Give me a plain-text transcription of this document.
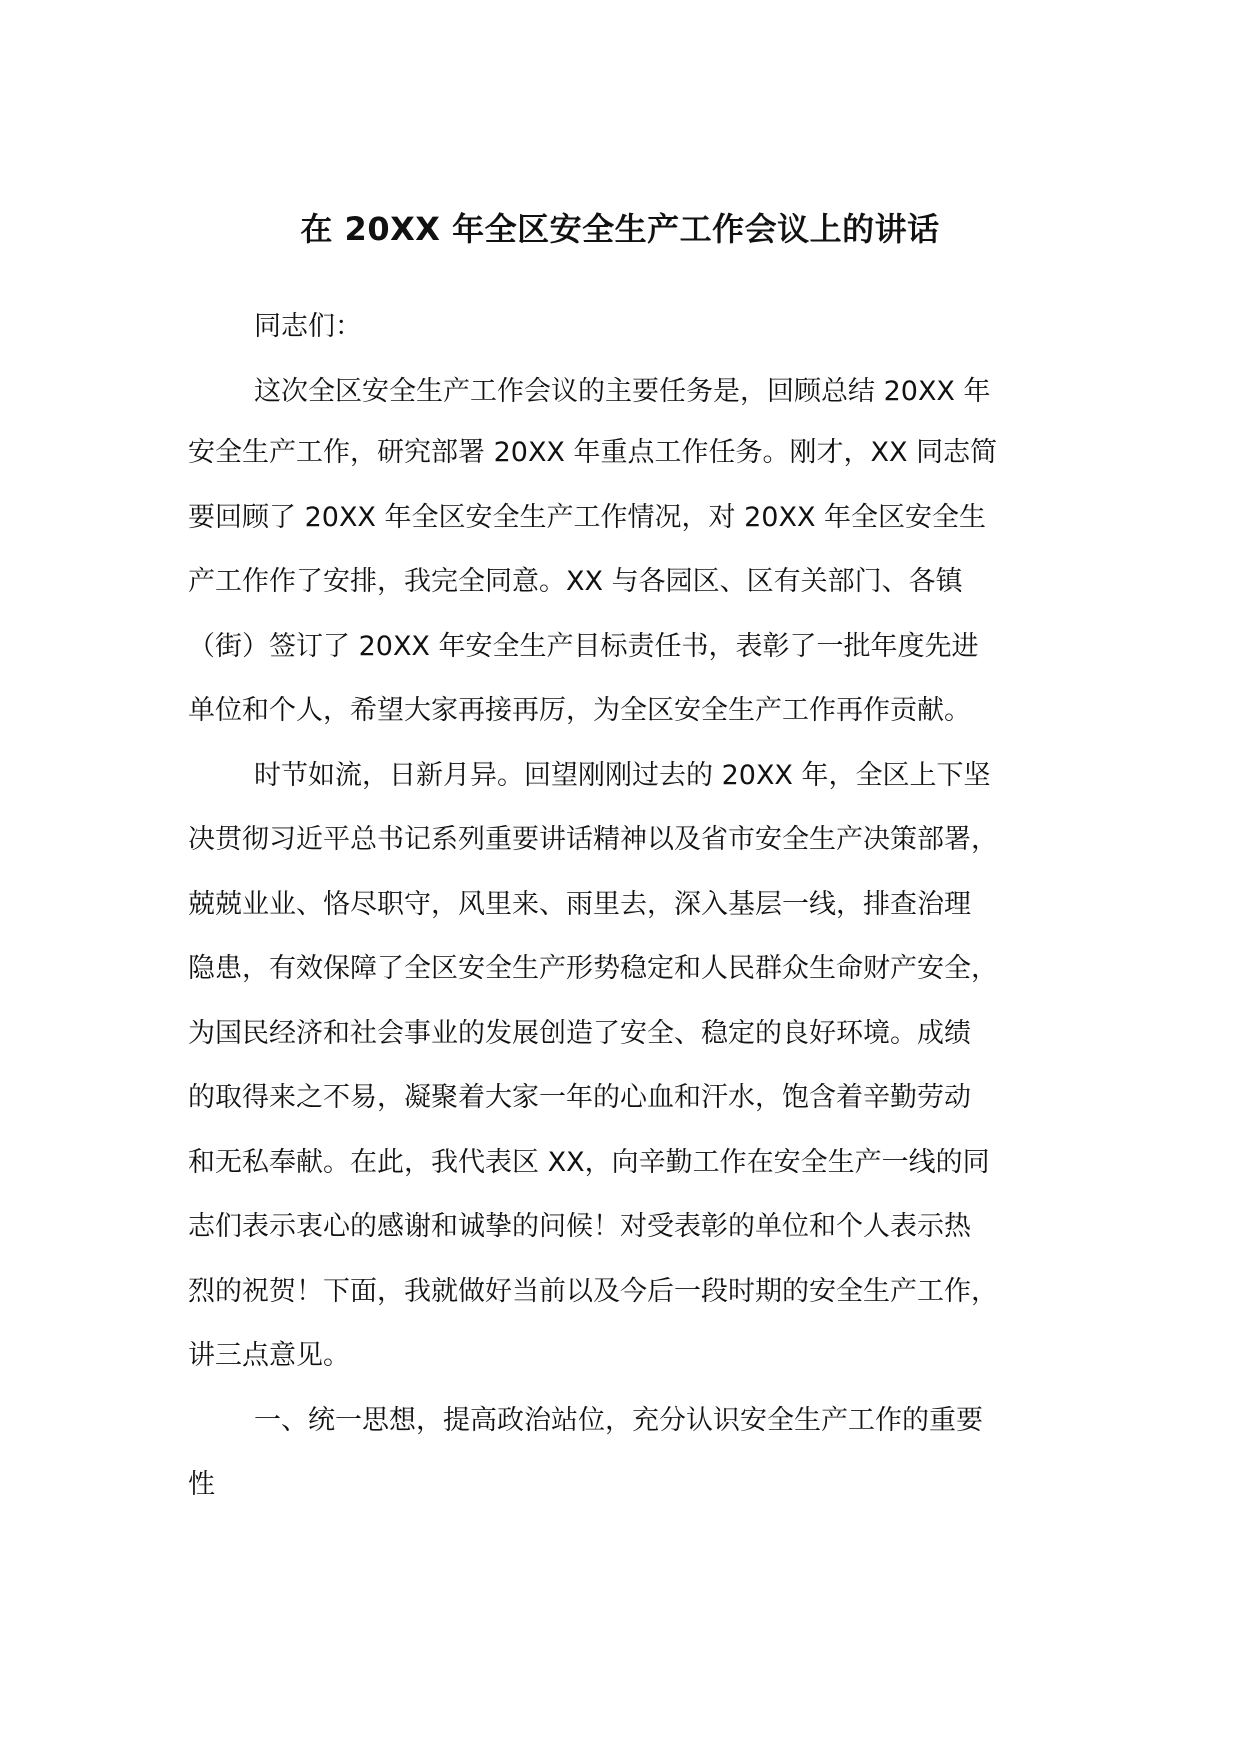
在 20XX 年全区安全生产工作会议上的讲话
同志们：
这次全区安全生产工作会议的主要任务是，回顾总结 20XX 年
安全生产工作，研究部署 20XX 年重点工作任务。刚才，XX 同志简
要回顾了 20XX 年全区安全生产工作情况，对 20XX 年全区安全生
产工作作了安排，我完全同意。XX 与各园区、区有关部门、各镇
（街）签订了 20XX 年安全生产目标责任书，表彰了一批年度先进
单位和个人，希望大家再接再厉，为全区安全生产工作再作贡献。
时节如流，日新月异。回望刚刚过去的 20XX 年，全区上下坚
决贯彻习近平总书记系列重要讲话精神以及省市安全生产决策部署，
兢兢业业、恪尽职守，风里来、雨里去，深入基层一线，排查治理
隐患，有效保障了全区安全生产形势稳定和人民群众生命财产安全，
为国民经济和社会事业的发展创造了安全、稳定的良好环境。成绩
的取得来之不易，凝聚着大家一年的心血和汗水，饱含着辛勤劳动
和无私奉献。在此，我代表区 XX，向辛勤工作在安全生产一线的同
志们表示衷心的感谢和诚挚的问候！对受表彰的单位和个人表示热
烈的祝贺！下面，我就做好当前以及今后一段时期的安全生产工作，
讲三点意见。
一、统一思想，提高政治站位，充分认识安全生产工作的重要
性
